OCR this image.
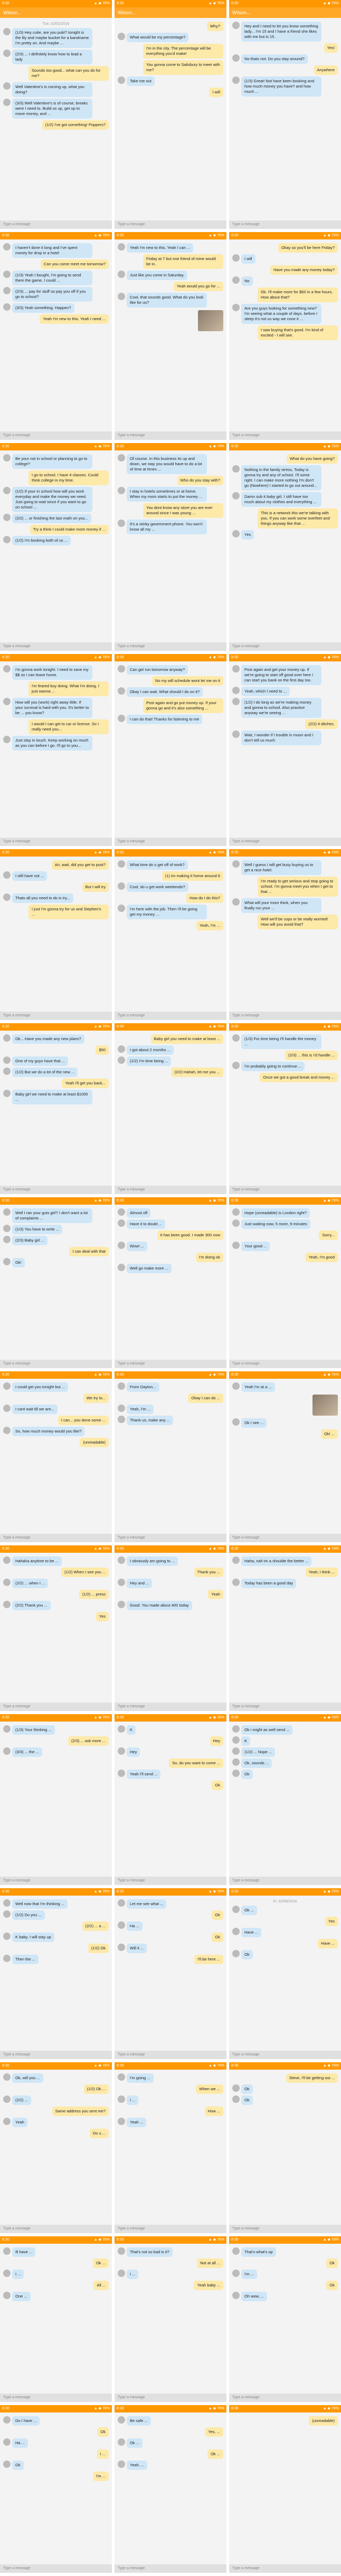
▲ ◆ 78%
8:30
Wilson...
Tue, 02/02/2016
(1/3) Hey cutie, are you puki? tonight is the lily and maybe bucket for a bandname I'm pretty on. And maybe ...
(2/3) ... I definitely know how to lead a lady
Sounds too good... what can you do for me?
Well Valentine's is coming up, what you doing?
(3/3) Well Valentine's is of course, breaks were I need to. Build us up, get up to move money, and ...
(1/2) I've got something! Poppers?
Type a message
▲ ◆ 78%
8:30
Wilson...
Why?
What would be my percentage?
I'm in the city. The percentage will be everything you'd make!
You gonna come to Salisbury to meet with me?
Take me out
I will
Type a message
▲ ◆ 78%
8:30
Wilson...
Hey and I need to let you know something lady... I'm 15 and I have a friend she likes with me but is 15.
Yes!
No thats not. Do you stay around?
Anywhere
(1/3) Great! Not have been booking and how much money you have? and how much ...
Type a message
▲ ◆ 78%
8:30
I haven't done it long and I've spent money for drop in a hotel
Can you come meet me tomorrow?
(1/3) Yeah I bought, I'm going to send them the game, I could ...
(2/3) ... pay for stuff so pay you off if you go to school?
(3/3) Yeah something. Happen?
Yeah I'm new to this. Yeah I need ...
Type a message
▲ ◆ 78%
8:30
Yeah I'm new to this. Yeah I can ...
Friday at 7 but one friend of mine would be in.
Just like you come in Saturday.
Yeah would you go for ...
Cool, that sounds good. What do you look like for us?
Type a message
▲ ◆ 78%
8:30
Okay so you'll be here Friday?
I will
Have you made any money today?
No
Ok. I'll make more for $50 in a few hours. How about that?
Are you guys looking for something new? I'm seeing what a couple of days. before I sleep it's not us way we cone it ...
I saw buying that's good. I'm kind of excited - I will see.
Type a message
▲ ◆ 78%
8:30
Be your not in school or planning to go to college?
I go to school. I have 4 classes. Could think college in my time.
(1/2) If your in school how will you work everyday and make the money we need. Just going to wait since if you want to go on school ...
(2/2) ... or finishing the last math on you...
Try a think I could make more money if ...
(1/2) I'm booking both of us ...
Type a message
▲ ◆ 78%
8:30
Of course. In this business its up and down, we stay you would have to do a lot of time at times ...
Who do you stay with?
I stay in hotels sometimes or at home. When my mom starts to put the money ...
You dont know any store you are ever around since I was young ...
It's a stinky government phone. You won't know all my ...
Type a message
▲ ◆ 78%
8:30
What do you have going?
Nothing in the family stress, Today is gonna try and any of school. I'll some right. I can make more nothing I'm don't go (Nowhere) I started to go out around...
Damn sub it baby girl. I still have too much about my clothes and everything ...
This is a network this we're talking with you. If you can work some overfeet and things anyway like that ...
Yes
Type a message
▲ ◆ 78%
8:30
I'm gonna work tonight. I need to save my $$ so I can leave home.
I'm feared buy doing. What I'm doing. I just wanna ...
How will you (work) right away little. If your survival is hard with you. It's better to be ... you know?
I would I can get to car or license. So I really need you...
Just stay in touch. Keep working on much as you can before I go. I'll go to you...
Type a message
▲ ◆ 78%
8:30
Can get run tomorrow anyway?
No my will schedule wont let me on it
Okay I can wait. What should I do on it?
Post again and go put money up. If your gonna go and it's also something ...
I can do that! Thanks for listening to me
Type a message
▲ ◆ 78%
8:30
Post again and get your money up. If we're going to start off good over here I can start you bank on the first day too.
Yeah, which I need to ...
(1/2) I do long as we're making money and gonna to school. Also practice anyway we're seeing ...
(2/2) It ditches.
Wait, I wonder if I trouble in moon and I don't tell us much
Type a message
▲ ◆ 78%
8:30
Ari, wait, did you get to post?
I still have not ...
But I will try
Thats all you need to do is try...
I just I'm gonna try for us and Stephen's ...
Type a message
▲ ◆ 78%
8:30
What time do u get off of work?
(1) Im making it home around 6
Cool, do u get work weekends?
How do I do this?
I'm here with the job. Then I'll be going get my money ...
Yeah, I'm ...
Type a message
▲ ◆ 78%
8:30
Well I guess I will get busy buying us to get a nice hotel.
I'm ready to get serious and stop going to school. I'm gonna meet you when I get to that ...
What will your mom think, when you finally run your ...
Well we'll be cops or be really worried! How will you avoid that?
Type a message
▲ ◆ 78%
8:30
Ok... Have you made any new plans?
$50
One of my guys have that ...
(1/2) But we do a lot of the new ...
Yeah I'll get you back...
Baby girl we need to make at least $1000 ...
Type a message
▲ ◆ 78%
8:30
Baby girl you need to make at least ...
I got about 2 months ...
(1/2) I'm time being ...
(2/2) Hahah, let me you ...
Type a message
▲ ◆ 78%
8:30
(1/3) For time being I'll handle the money ...
(2/3) ... this is I'd handle ...
I'm probably going to continue ...
Once we got a good break and money ...
Type a message
▲ ◆ 78%
8:30
Well I ran your guts girl? I don't want a lot of complaints ...
(1/3) You have to write ...
(2/3) Baby girl ...
I can deal with that
Ok!
Type a message
▲ ◆ 78%
8:30
Almost off
Have it to doubt ...
It has been good. I made 300 now
Wow! ...
I'm doing ok
Well go make more ...
Type a message
▲ ◆ 78%
8:30
Hope (unreadable) is London right?
Just waiting now, 5 more, 9 minutes
Sorry...
Your good ...
Yeah, I'm good
Type a message
▲ ◆ 78%
8:30
I could get you tonight but ...
We try to...
I cant wait till we are...
I can... you done some ...
So, how much money would you like?
(unreadable)
Type a message
▲ ◆ 78%
8:30
From Dayton...
Okay I can do ...
Yeah, I'm ...
Thank us, make any ...
Type a message
▲ ◆ 78%
8:30
Yeah I'm at a ...
Ok I see ...
Ok! ...
Type a message
▲ ◆ 78%
8:30
Hahaha anytime to be ...
(1/2) When I see you ...
(2/2) ... when I ...
(1/2) ... press
(2/2) Thank you ...
Yes
Type a message
▲ ◆ 78%
8:30
I obviously am going to ...
Thank you ...
Hey and ...
Yeah
Good. You made about 400 today
Type a message
▲ ◆ 78%
8:30
Haha, nah im a shoulde the better ...
Yeah, I think ...
Today has been a good day
Type a message
▲ ◆ 78%
8:30
(1/3) Your thinking ...
(2/3) ... ask more ...
(3/3) ... the ...
Type a message
▲ ◆ 78%
8:30
K
Hey
Hey
So, do you want to come ...
Yeah I'll send ...
Ok
Type a message
▲ ◆ 78%
8:30
Ok i might as well send ...
K
(1/2) ... Nope ...
Ok, sounds ...
Ok
Type a message
▲ ◆ 78%
8:30
Well now that I'm thinking ...
(1/2) Do you ...
(2/2) ... a ...
K baby. I will stay up
(1/2) Ok
Then the ...
Type a message
▲ ◆ 78%
8:30
Let me see what ...
Ok
Ha ...
Ok
Will it ...
I'll be here ...
Type a message
▲ ◆ 78%
8:30
Fr, 02/05/2016
Ok ...
Yes
Have ...
Have ...
Ok
Type a message
▲ ◆ 78%
8:30
Ok, will you ...
(1/2) Ok ...
(2/2) ...
Same address you sent me?
Yeah
Do u ...
Type a message
▲ ◆ 78%
8:30
I'm going ...
When we ...
I ...
How ...
Yeah ...
Type a message
▲ ◆ 78%
8:30
Steve, I'll be getting out ...
Ok
Ok
Type a message
▲ ◆ 78%
8:30
Ill have ...
Ok ...
I ...
All ...
One ...
Type a message
▲ ◆ 78%
8:30
That's not so bad is it?
Not at all ...
I ...
Yeah baby ...
Type a message
▲ ◆ 78%
8:30
That's what's up
Ok
I'm ...
Ok
Oh wow, ...
Type a message
▲ ◆ 78%
8:30
Do I have ...
Ok
Ha ...
I ...
Ok
I'm ...
Type a message
▲ ◆ 78%
8:30
Be safe ...
Yes, ...
Ok ...
Ok ...
Yeah, ...
Type a message
▲ ◆ 78%
8:30
(unreadable)
Type a message
